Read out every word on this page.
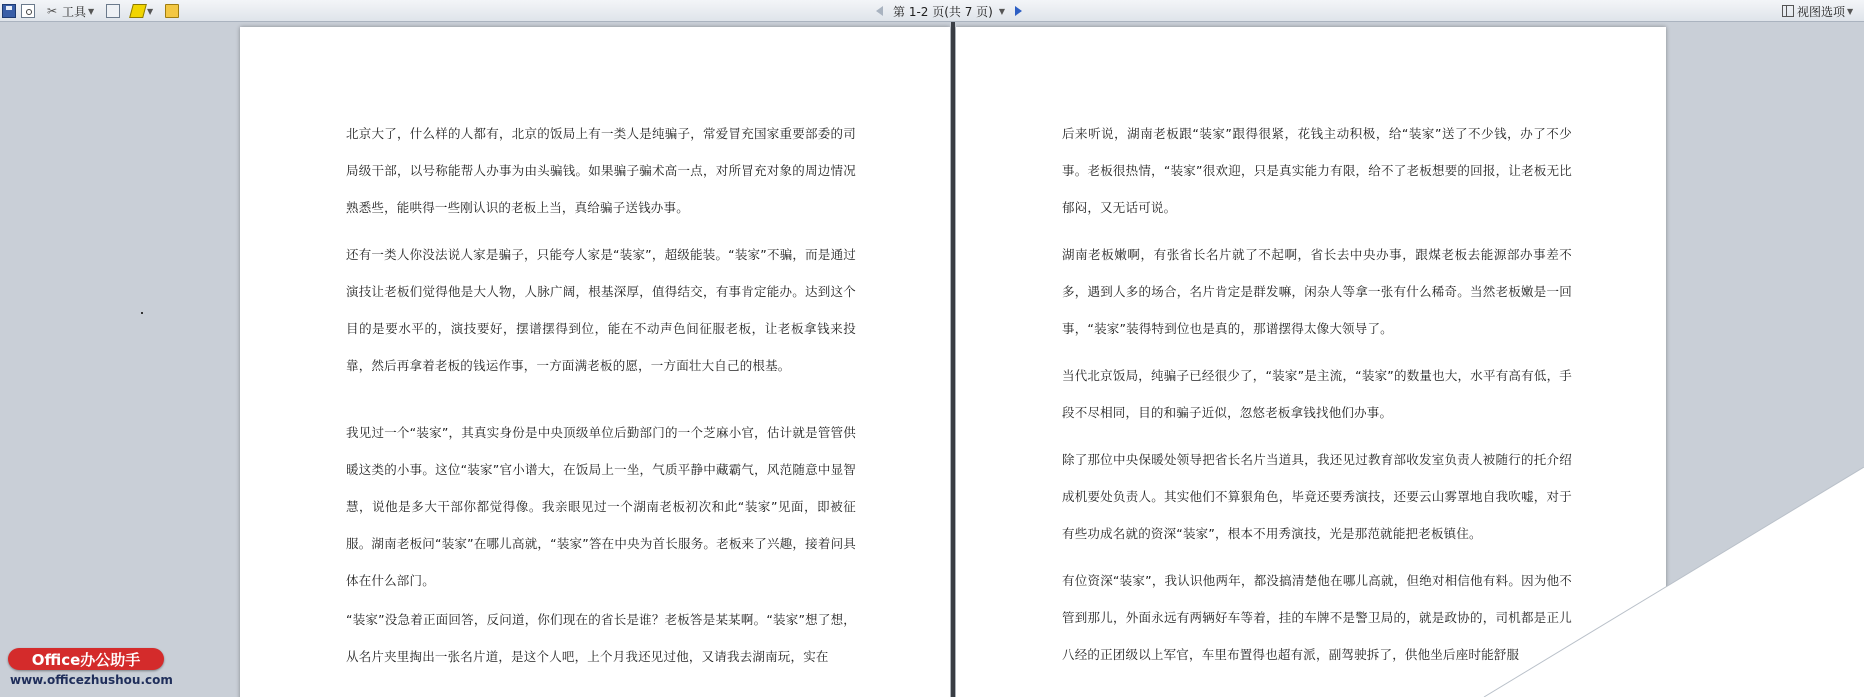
✂ 工具 ▼	▼	第 1-2 页(共 7 页) ▼	视图选项 ▼

北京大了，什么样的人都有，北京的饭局上有一类人是纯骗子，常爱冒充国家重要部委的司局级干部，以号称能帮人办事为由头骗钱。如果骗子骗术高一点，对所冒充对象的周边情况熟悉些，能哄得一些刚认识的老板上当，真给骗子送钱办事。

还有一类人你没法说人家是骗子，只能夸人家是“装家”，超级能装。“装家”不骗，而是通过演技让老板们觉得他是大人物，人脉广阔，根基深厚，值得结交，有事肯定能办。达到这个目的是要水平的，演技要好，摆谱摆得到位，能在不动声色间征服老板，让老板拿钱来投靠，然后再拿着老板的钱运作事，一方面满老板的愿，一方面壮大自己的根基。

我见过一个“装家”，其真实身份是中央顶级单位后勤部门的一个芝麻小官，估计就是管管供暖这类的小事。这位“装家”官小谱大，在饭局上一坐，气质平静中藏霸气，风范随意中显智慧，说他是多大干部你都觉得像。我亲眼见过一个湖南老板初次和此“装家”见面，即被征服。湖南老板问“装家”在哪儿高就，“装家”答在中央为首长服务。老板来了兴趣，接着问具体在什么部门。

“装家”没急着正面回答，反问道，你们现在的省长是谁？老板答是某某啊。“装家”想了想，从名片夹里掏出一张名片道，是这个人吧，上个月我还见过他，又请我去湖南玩，实在

后来听说，湖南老板跟“装家”跟得很紧，花钱主动积极，给“装家”送了不少钱，办了不少事。老板很热情，“装家”很欢迎，只是真实能力有限，给不了老板想要的回报，让老板无比郁闷，又无话可说。

湖南老板嫩啊，有张省长名片就了不起啊，省长去中央办事，跟煤老板去能源部办事差不多，遇到人多的场合，名片肯定是群发嘛，闲杂人等拿一张有什么稀奇。当然老板嫩是一回事，“装家”装得特到位也是真的，那谱摆得太像大领导了。

当代北京饭局，纯骗子已经很少了，“装家”是主流，“装家”的数量也大，水平有高有低，手段不尽相同，目的和骗子近似，忽悠老板拿钱找他们办事。

除了那位中央保暖处领导把省长名片当道具，我还见过教育部收发室负责人被随行的托介绍成机要处负责人。其实他们不算狠角色，毕竟还要秀演技，还要云山雾罩地自我吹嘘，对于有些功成名就的资深“装家”，根本不用秀演技，光是那范就能把老板镇住。

有位资深“装家”，我认识他两年，都没搞清楚他在哪儿高就，但绝对相信他有料。因为他不管到那儿，外面永远有两辆好车等着，挂的车牌不是警卫局的，就是政协的，司机都是正儿八经的正团级以上军官，车里布置得也超有派，副驾驶拆了，供他坐后座时能舒服

Office办公助手
www.officezhushou.com
